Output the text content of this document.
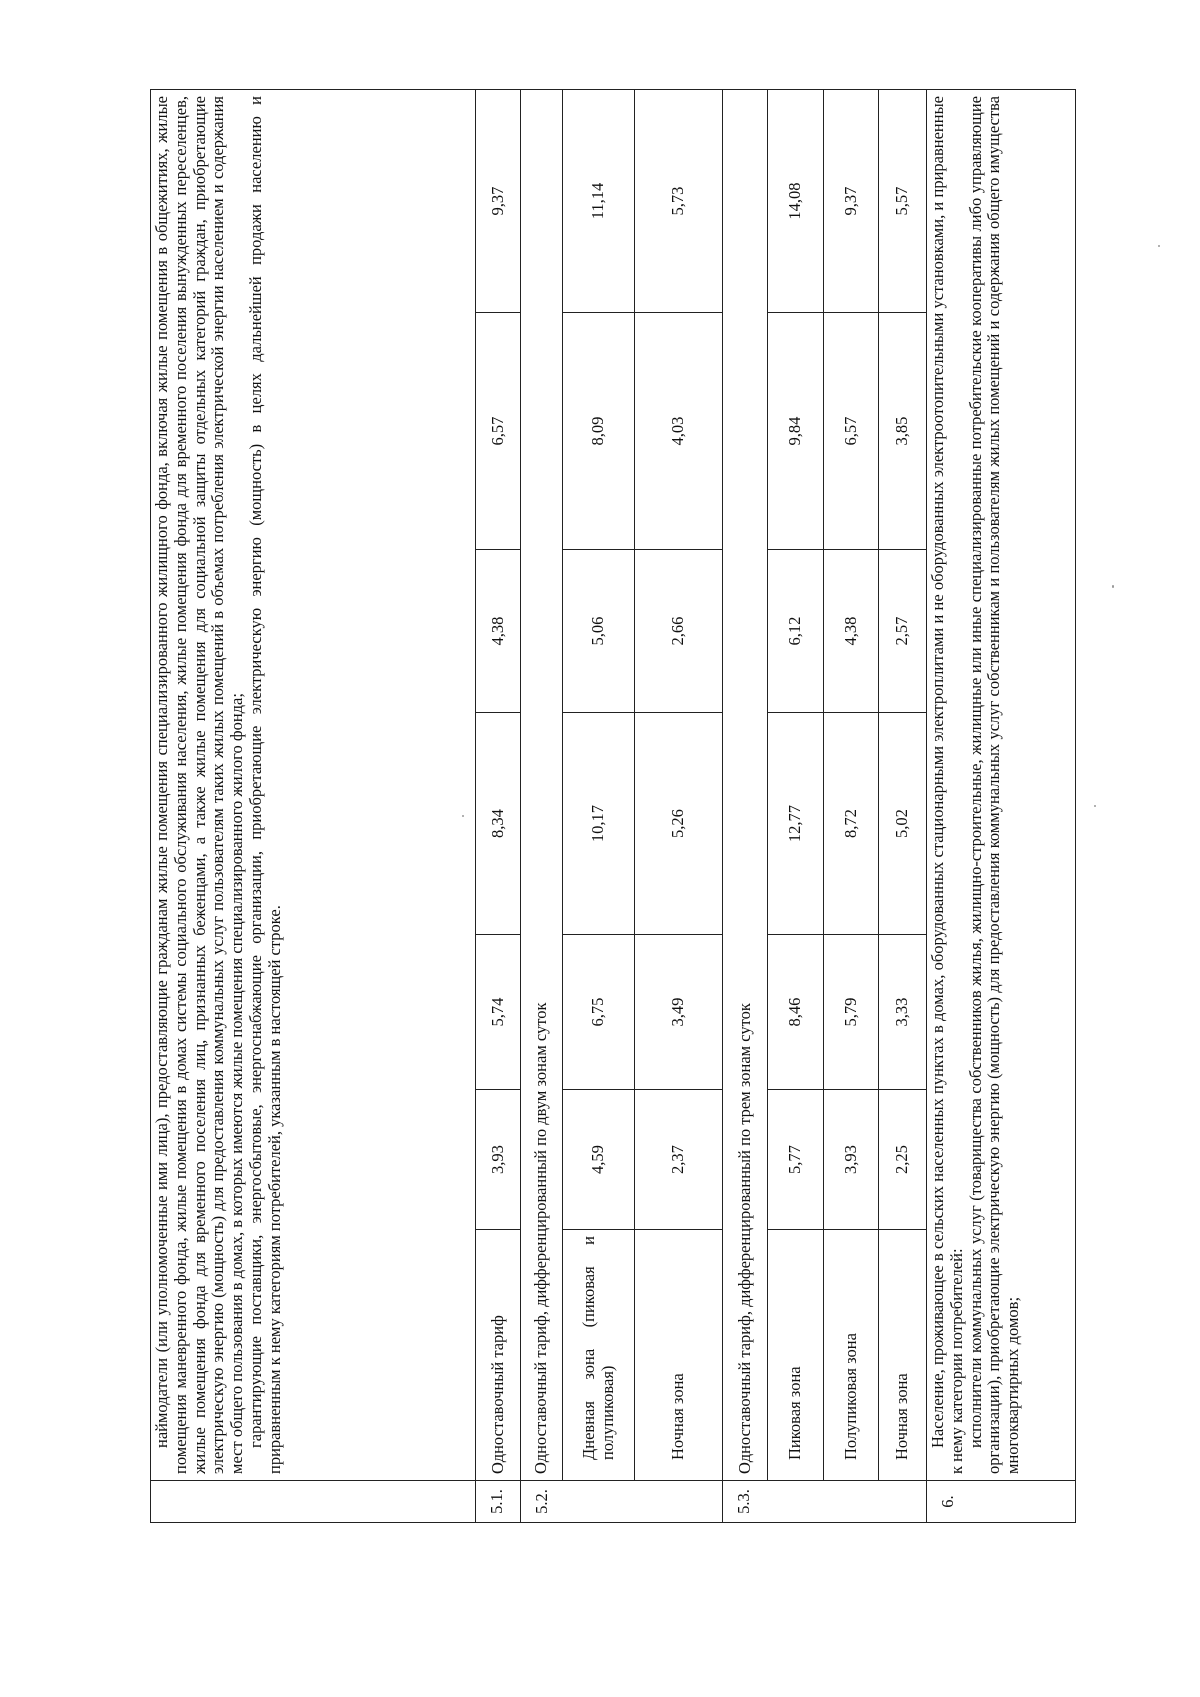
	наймодатели (или уполномоченные ими лица), предоставляющие гражданам жилые помещения специализированного жилищного фонда, включая жилые помещения в общежитиях, жилые помещения маневренного фонда, жилые помещения в домах системы социального обслуживания населения, жилые помещения фонда для временного поселения вынужденных переселенцев, жилые помещения фонда для временного поселения лиц, признанных беженцами, а также жилые помещения для социальной защиты отдельных категорий граждан, приобретающие электрическую энергию (мощность) для предоставления коммунальных услуг пользователям таких жилых помещений в объемах потребления электрической энергии населением и содержания мест общего пользования в домах, в которых имеются жилые помещения специализированного жилого фонда; гарантирующие поставщики, энергосбытовые, энергоснабжающие организации, приобретающие электрическую энергию (мощность) в целях дальнейшей продажи населению и приравненным к нему категориям потребителей, указанным в настоящей строке.						

5.1.	Одноставочный тариф	3,93	5,74	8,34	4,38	6,57	9,37
5.2.	Одноставочный тариф, дифференцированный по двум зонам суток						

	Дневная зона (пиковая и полупиковая)	4,59	6,75	10,17	5,06	8,09	11,14
	Ночная зона	2,37	3,49	5,26	2,66	4,03	5,73
5.3.	Одноставочный тариф, дифференцированный по трем зонам суток						
	Пиковая зона	5,77	8,46	12,77	6,12	9,84	14,08
	Полупиковая зона	3,93	5,79	8,72	4,38	6,57	9,37
	Ночная зона	2,25	3,33	5,02	2,57	3,85	5,57
6.	Население, проживающее в сельских населенных пунктах в домах, оборудованных стационарными электроплитами и не оборудованных электроотопительными установками, и приравненные к нему категории потребителей: исполнители коммунальных услуг (товарищества собственников жилья, жилищно-строительные, жилищные или иные специализированные потребительские кооперативы либо управляющие организации), приобретающие электрическую энергию (мощность) для предоставления коммунальных услуг собственникам и пользователям жилых помещений и содержания общего имущества многоквартирных домов;						
